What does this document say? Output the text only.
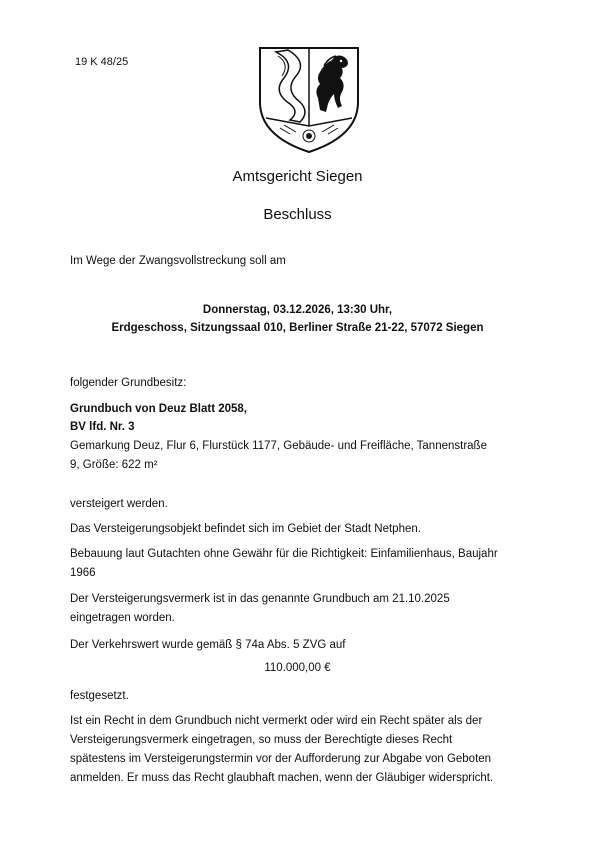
19 K 48/25
Amtsgericht Siegen
Beschluss
Im Wege der Zwangsvollstreckung soll am
Donnerstag, 03.12.2026, 13:30 Uhr,
Erdgeschoss, Sitzungssaal 010, Berliner Straße 21-22, 57072 Siegen
folgender Grundbesitz:
Grundbuch von Deuz Blatt 2058,
BV lfd. Nr. 3
Gemarkung Deuz, Flur 6, Flurstück 1177, Gebäude- und Freifläche, Tannenstraße
9, Größe: 622 m²
versteigert werden.
Das Versteigerungsobjekt befindet sich im Gebiet der Stadt Netphen.
Bebauung laut Gutachten ohne Gewähr für die Richtigkeit: Einfamilienhaus, Baujahr
1966
Der Versteigerungsvermerk ist in das genannte Grundbuch am 21.10.2025
eingetragen worden.
Der Verkehrswert wurde gemäß § 74a Abs. 5 ZVG auf
110.000,00 €
festgesetzt.
Ist ein Recht in dem Grundbuch nicht vermerkt oder wird ein Recht später als der
Versteigerungsvermerk eingetragen, so muss der Berechtigte dieses Recht
spätestens im Versteigerungstermin vor der Aufforderung zur Abgabe von Geboten
anmelden. Er muss das Recht glaubhaft machen, wenn der Gläubiger widerspricht.
